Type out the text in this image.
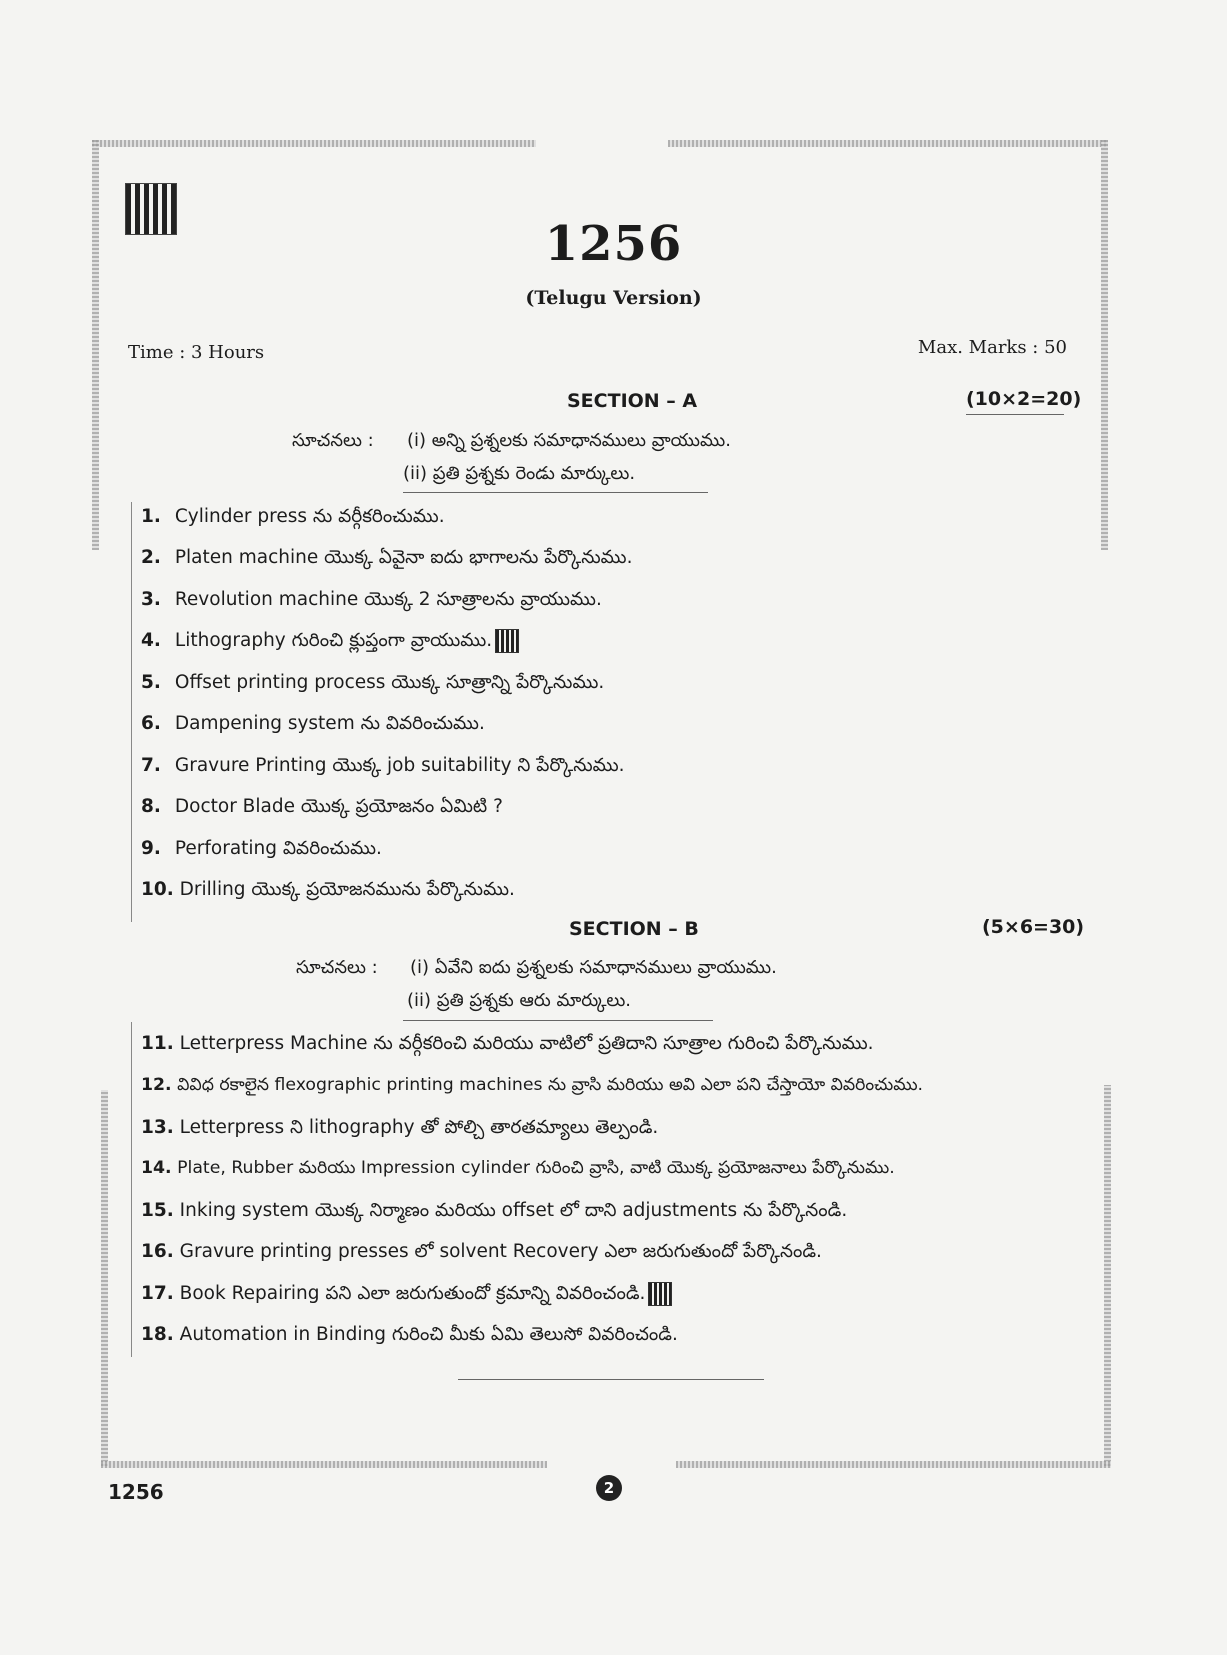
1256
(Telugu Version)
Time : 3 Hours	Max. Marks : 50
SECTION – A	(10×2=20)
సూచనలు : (i) అన్ని ప్రశ్నలకు సమాధానములు వ్రాయుము.
(ii) ప్రతి ప్రశ్నకు రెండు మార్కులు.
1. Cylinder press ను వర్గీకరించుము.
2. Platen machine యొక్క ఏవైనా ఐదు భాగాలను పేర్కొనుము.
3. Revolution machine యొక్క 2 సూత్రాలను వ్రాయుము.
4. Lithography గురించి క్లుప్తంగా వ్రాయుము.
5. Offset printing process యొక్క సూత్రాన్ని పేర్కొనుము.
6. Dampening system ను వివరించుము.
7. Gravure Printing యొక్క job suitability ని పేర్కొనుము.
8. Doctor Blade యొక్క ప్రయోజనం ఏమిటి ?
9. Perforating వివరించుము.
10. Drilling యొక్క ప్రయోజనమును పేర్కొనుము.
SECTION – B	(5×6=30)
సూచనలు : (i) ఏవేని ఐదు ప్రశ్నలకు సమాధానములు వ్రాయుము.
(ii) ప్రతి ప్రశ్నకు ఆరు మార్కులు.
11. Letterpress Machine ను వర్గీకరించి మరియు వాటిలో ప్రతిదాని సూత్రాల గురించి పేర్కొనుము.
12. వివిధ రకాలైన flexographic printing machines ను వ్రాసి మరియు అవి ఎలా పని చేస్తాయో వివరించుము.
13. Letterpress ని lithography తో పోల్చి తారతమ్యాలు తెల్పండి.
14. Plate, Rubber మరియు Impression cylinder గురించి వ్రాసి, వాటి యొక్క ప్రయోజనాలు పేర్కొనుము.
15. Inking system యొక్క నిర్మాణం మరియు offset లో దాని adjustments ను పేర్కొనండి.
16. Gravure printing presses లో solvent Recovery ఎలా జరుగుతుందో పేర్కొనండి.
17. Book Repairing పని ఎలా జరుగుతుందో క్రమాన్ని వివరించండి.
18. Automation in Binding గురించి మీకు ఏమి తెలుసో వివరించండి.
1256	2
